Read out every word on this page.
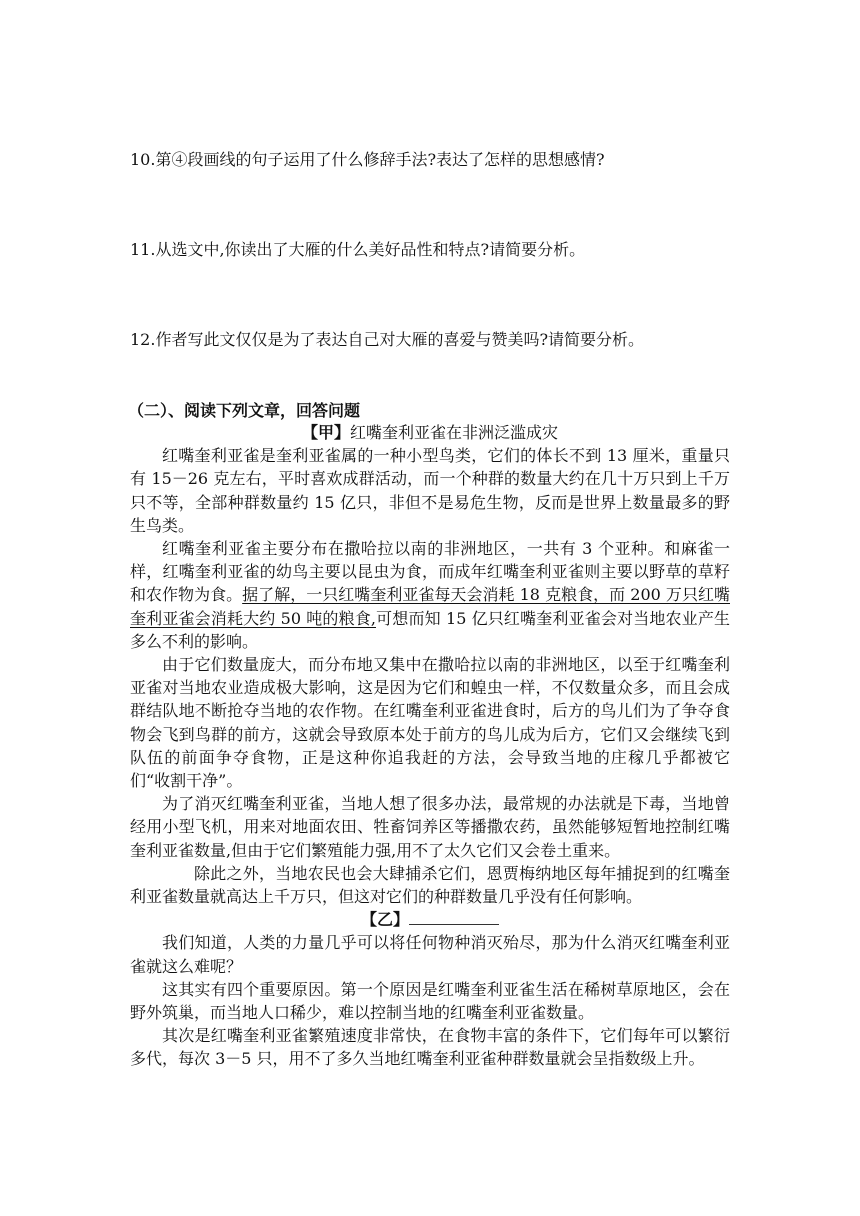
10.第④段画线的句子运用了什么修辞手法?表达了怎样的思想感情?
11.从选文中,你读出了大雁的什么美好品性和特点?请简要分析。
12.作者写此文仅仅是为了表达自己对大雁的喜爱与赞美吗?请简要分析。
（二）、阅读下列文章，回答问题

【甲】红嘴奎利亚雀在非洲泛滥成灾

红嘴奎利亚雀是奎利亚雀属的一种小型鸟类，它们的体长不到 13 厘米，重量只有 15－26 克左右，平时喜欢成群活动，而一个种群的数量大约在几十万只到上千万只不等，全部种群数量约 15 亿只，非但不是易危生物，反而是世界上数量最多的野生鸟类。

红嘴奎利亚雀主要分布在撒哈拉以南的非洲地区，一共有 3 个亚种。和麻雀一样，红嘴奎利亚雀的幼鸟主要以昆虫为食，而成年红嘴奎利亚雀则主要以野草的草籽和农作物为食。据了解，一只红嘴奎利亚雀每天会消耗 18 克粮食，而 200 万只红嘴奎利亚雀会消耗大约 50 吨的粮食,可想而知 15 亿只红嘴奎利亚雀会对当地农业产生多么不利的影响。

由于它们数量庞大，而分布地又集中在撒哈拉以南的非洲地区，以至于红嘴奎利亚雀对当地农业造成极大影响，这是因为它们和蝗虫一样，不仅数量众多，而且会成群结队地不断抢夺当地的农作物。在红嘴奎利亚雀进食时，后方的鸟儿们为了争夺食物会飞到鸟群的前方，这就会导致原本处于前方的鸟儿成为后方，它们又会继续飞到队伍的前面争夺食物，正是这种你追我赶的方法，会导致当地的庄稼几乎都被它们“收割干净”。

为了消灭红嘴奎利亚雀，当地人想了很多办法，最常规的办法就是下毒，当地曾经用小型飞机，用来对地面农田、牲畜饲养区等播撒农药，虽然能够短暂地控制红嘴奎利亚雀数量,但由于它们繁殖能力强,用不了太久它们又会卷土重来。

除此之外，当地农民也会大肆捕杀它们，恩贾梅纳地区每年捕捉到的红嘴奎利亚雀数量就高达上千万只，但这对它们的种群数量几乎没有任何影响。

【乙】

我们知道，人类的力量几乎可以将任何物种消灭殆尽，那为什么消灭红嘴奎利亚雀就这么难呢？

这其实有四个重要原因。第一个原因是红嘴奎利亚雀生活在稀树草原地区，会在野外筑巢，而当地人口稀少，难以控制当地的红嘴奎利亚雀数量。

其次是红嘴奎利亚雀繁殖速度非常快，在食物丰富的条件下，它们每年可以繁衍多代，每次 3－5 只，用不了多久当地红嘴奎利亚雀种群数量就会呈指数级上升。
